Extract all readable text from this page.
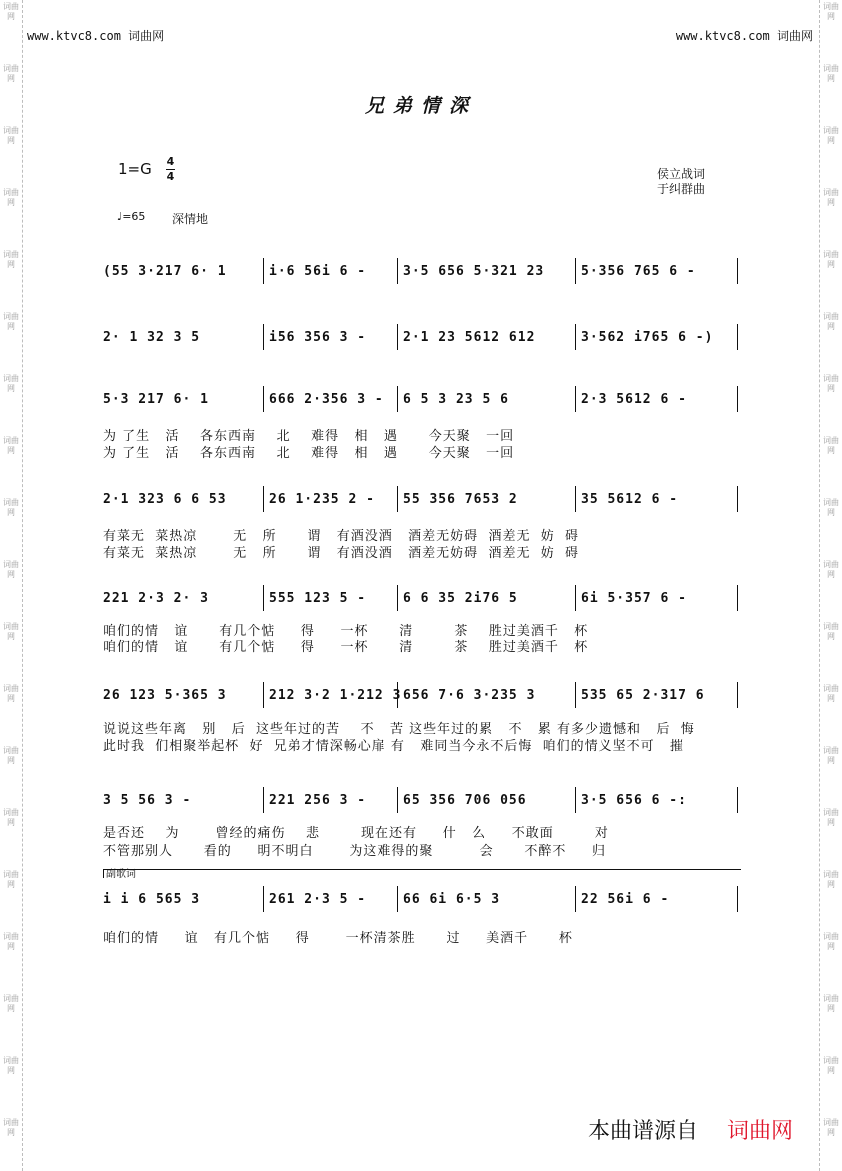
词曲网
词曲网
词曲网
词曲网
词曲网
词曲网
词曲网
词曲网
词曲网
词曲网
词曲网
词曲网
词曲网
词曲网
词曲网
词曲网
词曲网
词曲网
词曲网
词曲网
词曲网
词曲网
词曲网
词曲网
词曲网
词曲网
词曲网
词曲网
词曲网
词曲网
词曲网
词曲网
词曲网
词曲网
词曲网
词曲网
词曲网
词曲网
www.ktvc8.com 词曲网	www.ktvc8.com 词曲网
兄弟情深
1=G 4
4	侯立战词
于纠群曲
♩=65 深情地
副歌词
本曲谱源自 词曲网
(55 3·217 6· 1	i·6 56i 6 -	3·5 656 5·321 23	5·356 765 6 -
2· 1 32 3 5	i56 356 3 -	2·1 23 5612 612	3·562 i765 6 -)
5·3 217 6· 1	666 2·356 3 -	6 5 3 23 5 6	2·3 5612 6 -
2·1 323 6 6 53	26 1·235 2 -	55 356 7653 2	35 5612 6 -
221 2·3 2· 3	555 123 5 -	6 6 35 2i76 5	6i 5·357 6 -
26 123 5·365 3	212 3·2 1·212 3 656 7·6 3·235 3	535 65 2·317 6
3 5 56 3 -	221 256 3 -	65 356 706 056	3·5 656 6 -:
i i 6 565 3	261 2·3 5 -	66 6i 6·5 3	22 56i 6 -
为 了生   活    各东西南    北    难得   相   遇      今天聚   一回
为 了生   活    各东西南    北    难得   相   遇      今天聚   一回
有菜无  菜热凉       无   所      谓   有酒没酒   酒差无妨碍  酒差无  妨  碍
有菜无  菜热凉       无   所      谓   有酒没酒   酒差无妨碍  酒差无  妨  碍
咱们的情   谊      有几个惦     得     一杯      清        茶    胜过美酒千   杯
咱们的情   谊      有几个惦     得     一杯      清        茶    胜过美酒千   杯
说说这些年离   别   后  这些年过的苦    不   苦 这些年过的累   不   累 有多少遗憾和   后  悔
此时我  们相聚举起杯  好  兄弟才情深畅心扉 有   难同当今永不后悔  咱们的情义坚不可   摧
是否还    为       曾经的痛伤    悲        现在还有     什   么     不敢面        对
不管那别人      看的     明不明白       为这难得的聚         会      不醉不     归
咱们的情     谊   有几个惦     得       一杯清茶胜      过     美酒千      杯
